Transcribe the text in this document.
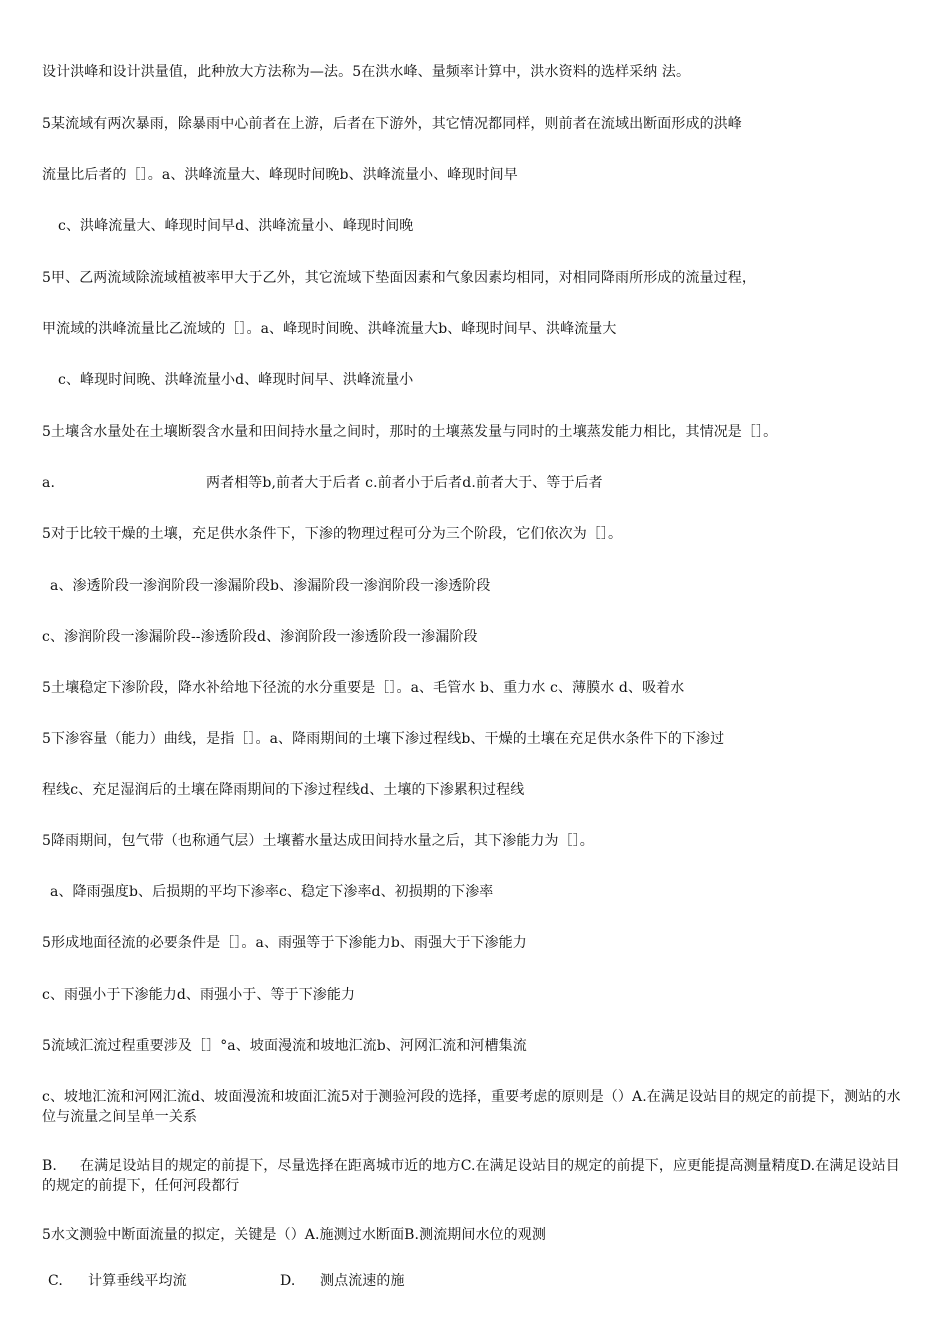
设计洪峰和设计洪量值，此种放大方法称为—法。5在洪水峰、量频率计算中，洪水资料的选样采纳 法。
5某流域有两次暴雨，除暴雨中心前者在上游，后者在下游外，其它情况都同样，则前者在流域出断面形成的洪峰
流量比后者的［］。a、洪峰流量大、峰现时间晚b、洪峰流量小、峰现时间早
c、洪峰流量大、峰现时间早d、洪峰流量小、峰现时间晚
5甲、乙两流域除流域植被率甲大于乙外，其它流域下垫面因素和气象因素均相同，对相同降雨所形成的流量过程，
甲流域的洪峰流量比乙流域的［］。a、峰现时间晚、洪峰流量大b、峰现时间早、洪峰流量大
c、峰现时间晚、洪峰流量小d、峰现时间早、洪峰流量小
5土壤含水量处在土壤断裂含水量和田间持水量之间时，那时的土壤蒸发量与同时的土壤蒸发能力相比，其情况是［］。
a.	两者相等b,前者大于后者 c.前者小于后者d.前者大于、等于后者
5对于比较干燥的土壤，充足供水条件下，下渗的物理过程可分为三个阶段，它们依次为［］。
a、渗透阶段一渗润阶段一渗漏阶段b、渗漏阶段一渗润阶段一渗透阶段
c、渗润阶段一渗漏阶段--渗透阶段d、渗润阶段一渗透阶段一渗漏阶段
5土壤稳定下渗阶段，降水补给地下径流的水分重要是［］。a、毛管水 b、重力水 c、薄膜水 d、吸着水
5下渗容量（能力）曲线，是指［］。a、降雨期间的土壤下渗过程线b、干燥的土壤在充足供水条件下的下渗过
程线c、充足湿润后的土壤在降雨期间的下渗过程线d、土壤的下渗累积过程线
5降雨期间，包气带（也称通气层）土壤蓄水量达成田间持水量之后，其下渗能力为［］。
a、降雨强度b、后损期的平均下渗率c、稳定下渗率d、初损期的下渗率
5形成地面径流的必要条件是［］。a、雨强等于下渗能力b、雨强大于下渗能力
c、雨强小于下渗能力d、雨强小于、等于下渗能力
5流域汇流过程重要涉及［］°a、坡面漫流和坡地汇流b、河网汇流和河槽集流
c、坡地汇流和河网汇流d、坡面漫流和坡面汇流5对于测验河段的选择，重要考虑的原则是（）A.在满足设站目的规定的前提下，测站的水位与流量之间呈单一关系
B.	在满足设站目的规定的前提下，尽量选择在距离城市近的地方C.在满足设站目的规定的前提下，应更能提高测量精度D.在满足设站目的规定的前提下，任何河段都行
5水文测验中断面流量的拟定，关键是（）A.施测过水断面B.测流期间水位的观测
C. 计算垂线平均流	D. 测点流速的施
